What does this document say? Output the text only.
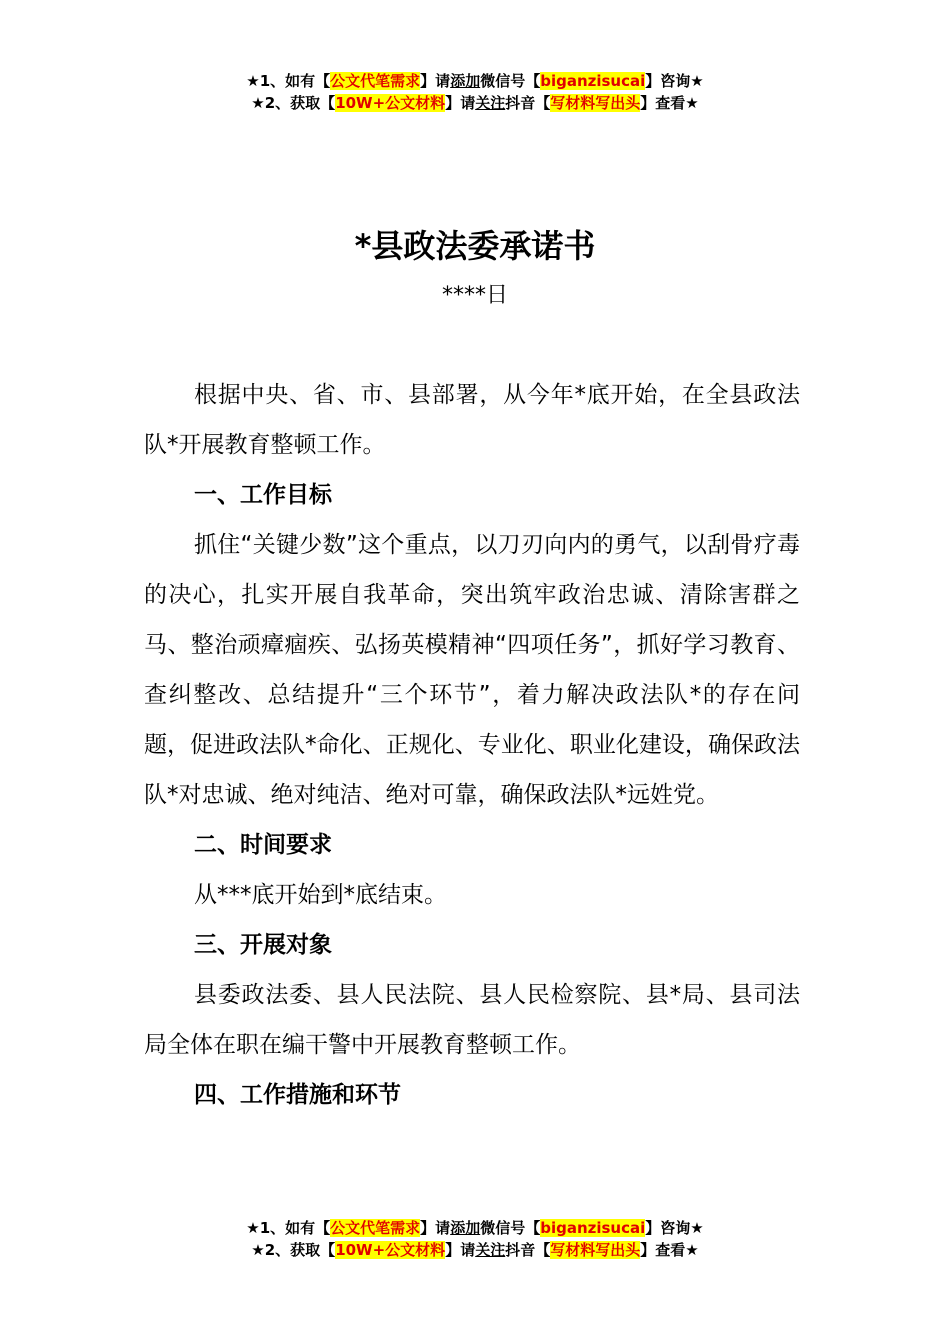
★1、如有【公文代笔需求】请添加微信号【biganzisucai】咨询★
★2、获取【10W+公文材料】请关注抖音【写材料写出头】查看★
*县政法委承诺书
****日

根据中央、省、市、县部署，从今年*底开始，在全县政法队*开展教育整顿工作。

一、工作目标

抓住“关键少数”这个重点，以刀刃向内的勇气，以刮骨疗毒的决心，扎实开展自我革命，突出筑牢政治忠诚、清除害群之马、整治顽瘴痼疾、弘扬英模精神“四项任务”，抓好学习教育、查纠整改、总结提升“三个环节”，着力解决政法队*的存在问题，促进政法队*命化、正规化、专业化、职业化建设，确保政法队*对忠诚、绝对纯洁、绝对可靠，确保政法队*远姓党。

二、时间要求

从***底开始到*底结束。

三、开展对象

县委政法委、县人民法院、县人民检察院、县*局、县司法局全体在职在编干警中开展教育整顿工作。

四、工作措施和环节

★1、如有【公文代笔需求】请添加微信号【biganzisucai】咨询★
★2、获取【10W+公文材料】请关注抖音【写材料写出头】查看★
